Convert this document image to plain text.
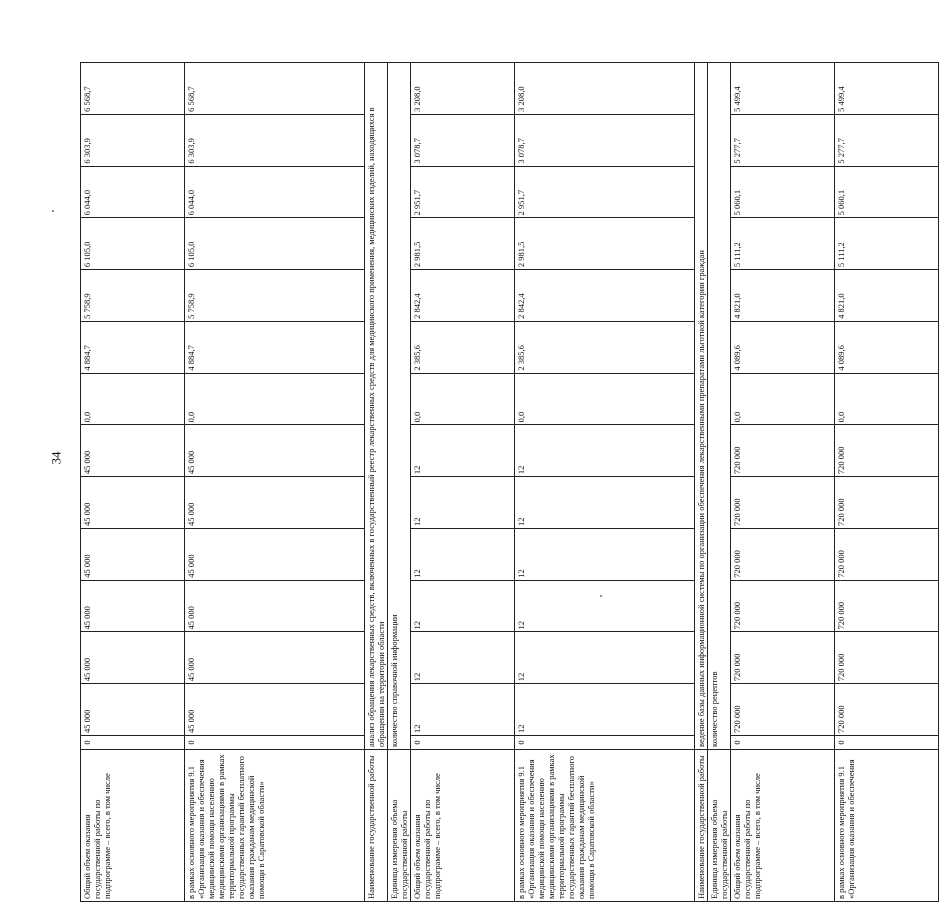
34
Общий объем оказания государственной работы по подпрограмме – всего, в том числе	0	45 000	45 000	45 000	45 000	45 000	45 000	0,0	4 884,7	5 758,9	6 105,0	6 044,0	6 303,9	6 568,7
в рамках основного мероприятия 9.1 «Организация оказания и обеспечения медицинской помощи населению медицинскими организациями в рамках территориальной программы государственных гарантий бесплатного оказания гражданам медицинской помощи в Саратовской области»	0	45 000	45 000	45 000	45 000	45 000	45 000	0,0	4 884,7	5 758,9	6 105,0	6 044,0	6 303,9	6 568,7
Наименование государственной работы	анализ обращения лекарственных средств, включенных в государственный реестр лекарственных средств для медицинского применения, медицинских изделий, находящихся в обращении на территории области													
Единица измерения объема государственной работы	количество справочной информации													
Общий объем оказания государственной работы по подпрограмме – всего, в том числе	0	12	12	12	12	12	12	0,0	2 385,6	2 842,4	2 981,5	2 951,7	3 078,7	3 208,0
в рамках основного мероприятия 9.1 «Организация оказания и обеспечения медицинской помощи населению медицинскими организациями в рамках территориальной программы государственных гарантий бесплатного оказания гражданам медицинской помощи в Саратовской области»	0	12	12	12	12	12	12	0,0	2 385,6	2 842,4	2 981,5	2 951,7	3 078,7	3 208,0
Наименование государственной работы	ведение базы данных информационной системы по организации обеспечения лекарственными препаратами льготной категории граждан													
Единица измерения объема государственной работы	количество рецептов													
Общий объем оказания государственной работы по подпрограмме – всего, в том числе	0	720 000	720 000	720 000	720 000	720 000	720 000	0,0	4 089,6	4 821,0	5 111,2	5 060,1	5 277,7	5 499,4
в рамках основного мероприятия 9.1 «Организация оказания и обеспечения	0	720 000	720 000	720 000	720 000	720 000	720 000	0,0	4 089,6	4 821,0	5 111,2	5 060,1	5 277,7	5 499,4
